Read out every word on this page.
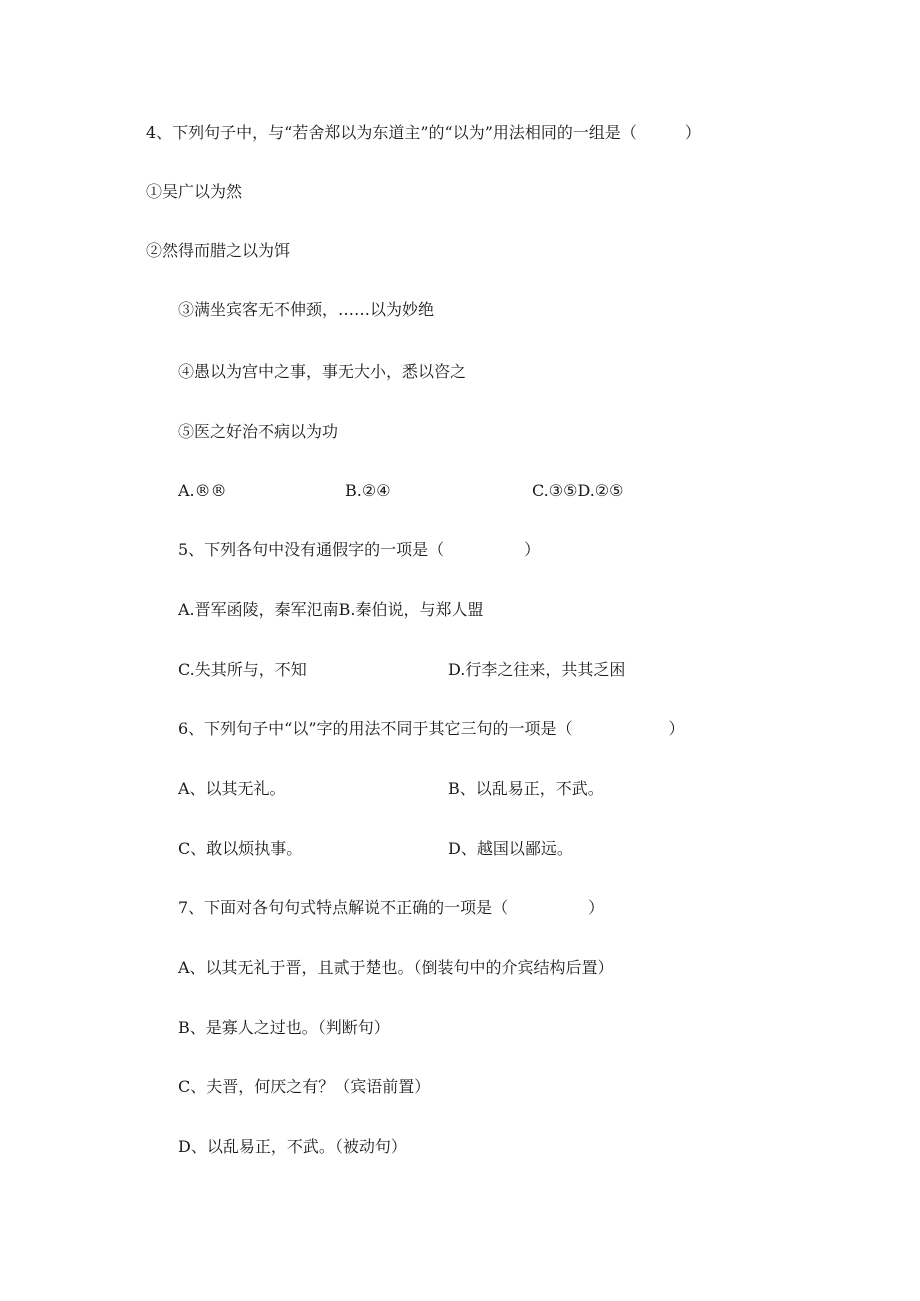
4、下列句子中，与“若舍郑以为东道主”的“以为”用法相同的一组是（　　　）
①吴广以为然
②然得而腊之以为饵
③满坐宾客无不伸颈，……以为妙绝
④愚以为宫中之事，事无大小，悉以咨之
⑤医之好治不病以为功
A.®®	B.②④	C.③⑤D.②⑤
5、下列各句中没有通假字的一项是（　　　　　）
A.晋军函陵，秦军氾南B.秦伯说，与郑人盟
C.失其所与，不知	D.行李之往来，共其乏困
6、下列句子中“以”字的用法不同于其它三句的一项是（　　　　　　）
A、以其无礼。	B、以乱易正，不武。
C、敢以烦执事。	D、越国以鄙远。
7、下面对各句句式特点解说不正确的一项是（　　　　　）
A、以其无礼于晋，且贰于楚也。（倒装句中的介宾结构后置）
B、是寡人之过也。（判断句）
C、夫晋，何厌之有？（宾语前置）
D、以乱易正，不武。（被动句）
